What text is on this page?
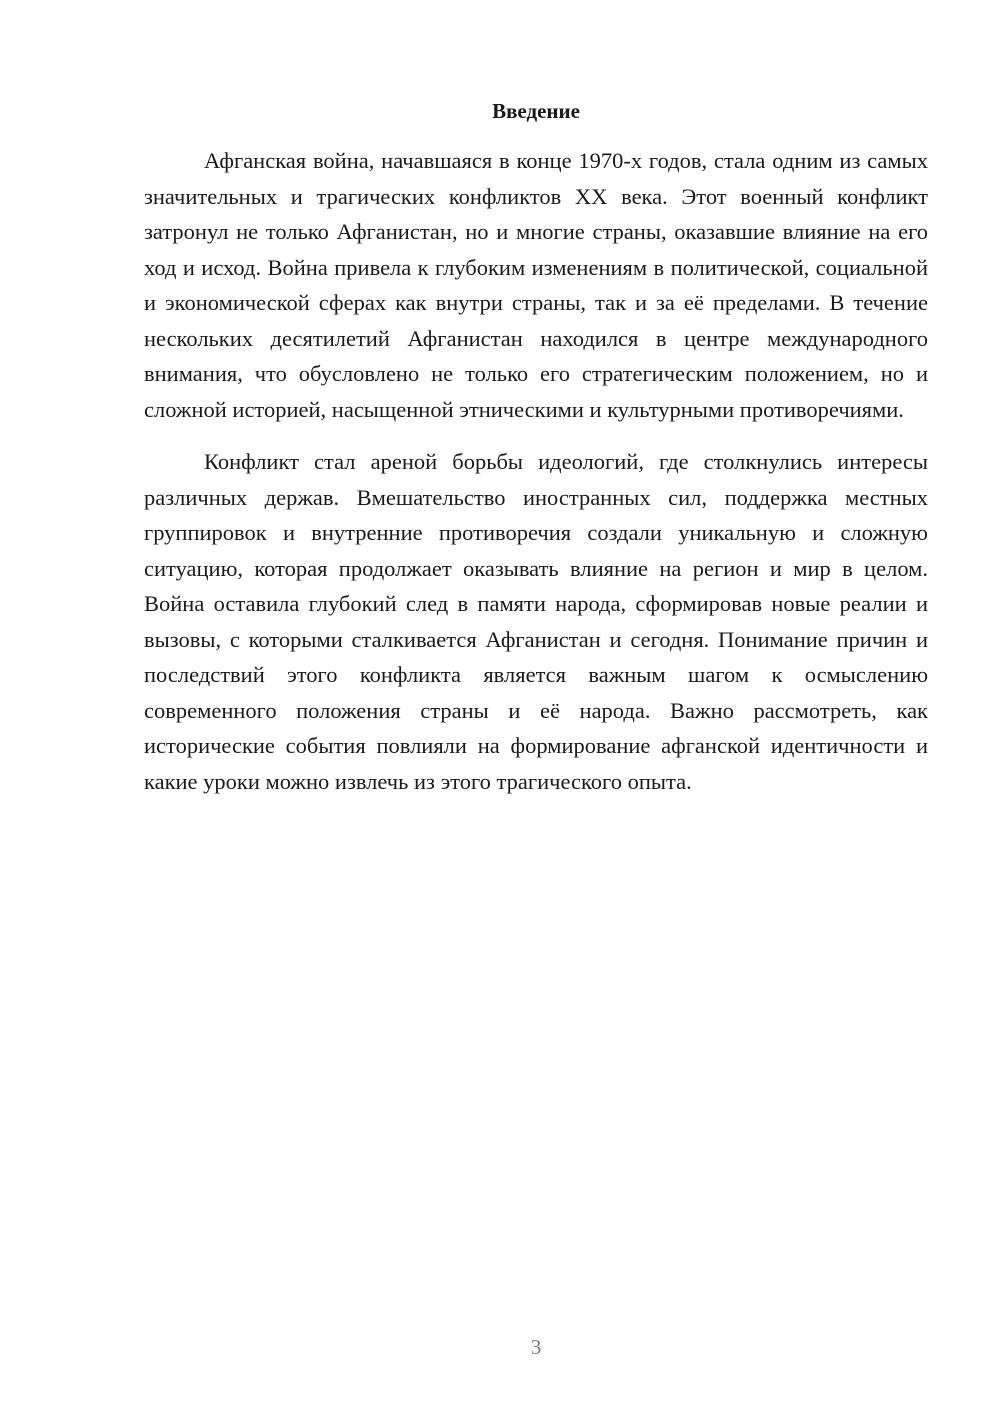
Введение

Афганская война, начавшаяся в конце 1970-х годов, стала одним из самых значительных и трагических конфликтов XX века. Этот военный конфликт затронул не только Афганистан, но и многие страны, оказавшие влияние на его ход и исход. Война привела к глубоким изменениям в политической, социальной и экономической сферах как внутри страны, так и за её пределами. В течение нескольких десятилетий Афганистан находился в центре международного внимания, что обусловлено не только его стратегическим положением, но и сложной историей, насыщенной этническими и культурными противоречиями.

Конфликт стал ареной борьбы идеологий, где столкнулись интересы различных держав. Вмешательство иностранных сил, поддержка местных группировок и внутренние противоречия создали уникальную и сложную ситуацию, которая продолжает оказывать влияние на регион и мир в целом. Война оставила глубокий след в памяти народа, сформировав новые реалии и вызовы, с которыми сталкивается Афганистан и сегодня. Понимание причин и последствий этого конфликта является важным шагом к осмыслению современного положения страны и её народа. Важно рассмотреть, как исторические события повлияли на формирование афганской идентичности и какие уроки можно извлечь из этого трагического опыта.

3
